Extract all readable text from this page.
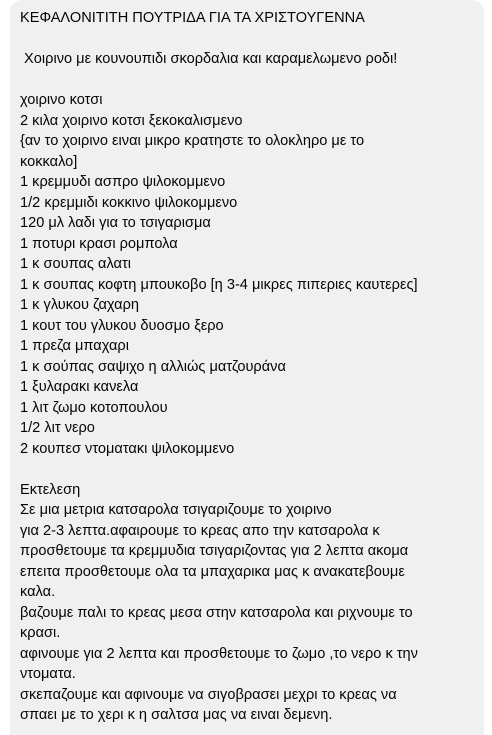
ΚΕΦΑΛΟΝΙΤΙΤΗ ΠΟΥΤΡΙΔΑ ΓΙΑ ΤΑ ΧΡΙΣΤΟΥΓΕΝΝΑ
Χοιρινο με κουνουπιδι σκορδαλια και καραμελωμενο ροδι!
χοιρινο κοτσι
2 κιλα χοιρινο κοτσι ξεκοκαλισμενο
{αν το χοιρινο ειναι μικρο κρατηστε το ολοκληρο με το
κοκκαλο]
1 κρεμμυδι ασπρο ψιλοκομμενο
1/2 κρεμμιδι κοκκινο ψιλοκομμενο
120 μλ λαδι για το τσιγαρισμα
1 ποτυρι κρασι ρομπολα
1 κ σουπας αλατι
1 κ σουπας κοφτη μπουκοβο [η 3-4 μικρες πιπεριες καυτερες]
1 κ γλυκου ζαχαρη
1 κουτ του γλυκου δυοσμο ξερο
1 πρεζα μπαχαρι
1 κ σούπας σαψιχο η αλλιώς ματζουράνα
1 ξυλαρακι κανελα
1 λιτ ζωμο κοτοπουλου
1/2 λιτ νερο
2 κουπεσ ντοματακι ψιλοκομμενο
Εκτελεση
Σε μια μετρια κατσαρολα τσιγαριζουμε το χοιρινο
για 2-3 λεπτα.αφαιρουμε το κρεας απο την κατσαρολα κ
προσθετουμε τα κρεμμυδια τσιγαριζοντας για 2 λεπτα ακομα
επειτα προσθετουμε ολα τα μπαχαρικα μας κ ανακατεβουμε
καλα.
βαζουμε παλι το κρεας μεσα στην κατσαρολα και ριχνουμε το
κρασι.
αφινουμε για 2 λεπτα και προσθετουμε το ζωμο ,το νερο κ την
ντοματα.
σκεπαζουμε και αφινουμε να σιγοβρασει μεχρι το κρεας να
σπαει με το χερι κ η σαλτσα μας να ειναι δεμενη.
